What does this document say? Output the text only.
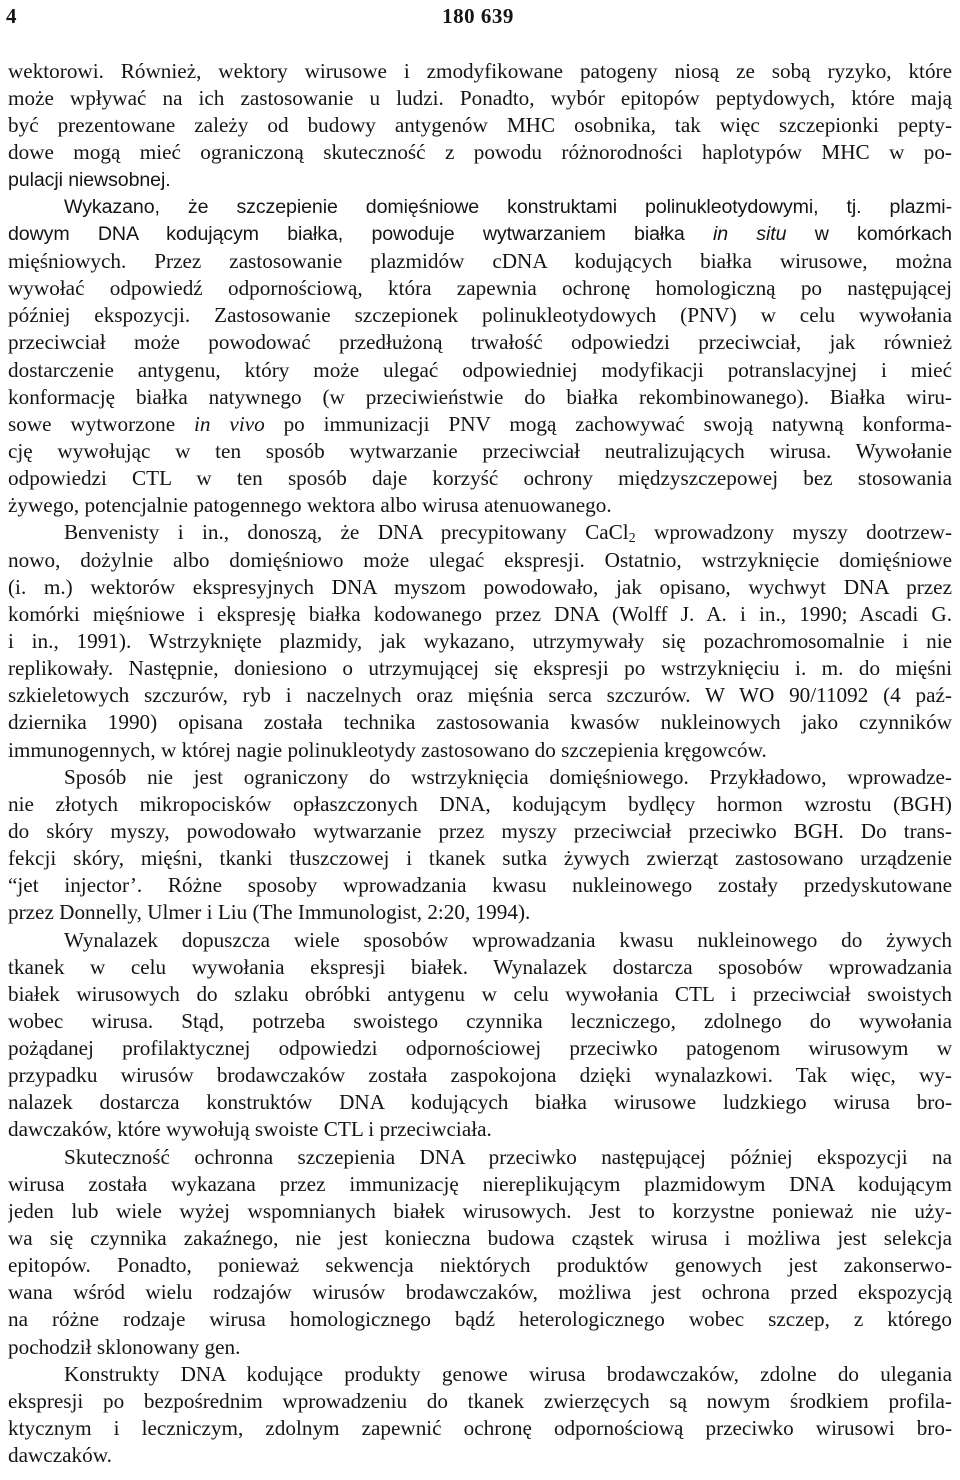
4	180 639
wektorowi. Również, wektory wirusowe i zmodyfikowane patogeny niosą ze sobą ryzyko, które
może wpływać na ich zastosowanie u ludzi. Ponadto, wybór epitopów peptydowych, które mają
być prezentowane zależy od budowy antygenów MHC osobnika, tak więc szczepionki pepty-
dowe mogą mieć ograniczoną skuteczność z powodu różnorodności haplotypów MHC w po-
pulacji niewsobnej.
Wykazano, że szczepienie domięśniowe konstruktami polinukleotydowymi, tj. plazmi-
dowym DNA kodującym białka, powoduje wytwarzaniem białka in situ w komórkach
mięśniowych. Przez zastosowanie plazmidów cDNA kodujących białka wirusowe, można
wywołać odpowiedź odpornościową, która zapewnia ochronę homologiczną po następującej
później ekspozycji. Zastosowanie szczepionek polinukleotydowych (PNV) w celu wywołania
przeciwciał może powodować przedłużoną trwałość odpowiedzi przeciwciał, jak również
dostarczenie antygenu, który może ulegać odpowiedniej modyfikacji potranslacyjnej i mieć
konformację białka natywnego (w przeciwieństwie do białka rekombinowanego). Białka wiru-
sowe wytworzone in vivo po immunizacji PNV mogą zachowywać swoją natywną konforma-
cję wywołując w ten sposób wytwarzanie przeciwciał neutralizujących wirusa. Wywołanie
odpowiedzi CTL w ten sposób daje korzyść ochrony międzyszczepowej bez stosowania
żywego, potencjalnie patogennego wektora albo wirusa atenuowanego.
Benvenisty i in., donoszą, że DNA precypitowany CaCl$_2$ wprowadzony myszy dootrzew-
nowo, dożylnie albo domięśniowo może ulegać ekspresji. Ostatnio, wstrzyknięcie domięśniowe
(i. m.) wektorów ekspresyjnych DNA myszom powodowało, jak opisano, wychwyt DNA przez
komórki mięśniowe i ekspresję białka kodowanego przez DNA (Wolff J. A. i in., 1990; Ascadi G.
i in., 1991). Wstrzyknięte plazmidy, jak wykazano, utrzymywały się pozachromosomalnie i nie
replikowały. Następnie, doniesiono o utrzymującej się ekspresji po wstrzyknięciu i. m. do mięśni
szkieletowych szczurów, ryb i naczelnych oraz mięśnia serca szczurów. W WO 90/11092 (4 paź-
dziernika 1990) opisana została technika zastosowania kwasów nukleinowych jako czynników
immunogennych, w której nagie polinukleotydy zastosowano do szczepienia kręgowców.
Sposób nie jest ograniczony do wstrzyknięcia domięśniowego. Przykładowo, wprowadze-
nie złotych mikropocisków opłaszczonych DNA, kodującym bydlęcy hormon wzrostu (BGH)
do skóry myszy, powodowało wytwarzanie przez myszy przeciwciał przeciwko BGH. Do trans-
fekcji skóry, mięśni, tkanki tłuszczowej i tkanek sutka żywych zwierząt zastosowano urządzenie
“jet injector’. Różne sposoby wprowadzania kwasu nukleinowego zostały przedyskutowane
przez Donnelly, Ulmer i Liu (The Immunologist, 2:20, 1994).
Wynalazek dopuszcza wiele sposobów wprowadzania kwasu nukleinowego do żywych
tkanek w celu wywołania ekspresji białek. Wynalazek dostarcza sposobów wprowadzania
białek wirusowych do szlaku obróbki antygenu w celu wywołania CTL i przeciwciał swoistych
wobec wirusa. Stąd, potrzeba swoistego czynnika leczniczego, zdolnego do wywołania
pożądanej profilaktycznej odpowiedzi odpornościowej przeciwko patogenom wirusowym w
przypadku wirusów brodawczaków została zaspokojona dzięki wynalazkowi. Tak więc, wy-
nalazek dostarcza konstruktów DNA kodujących białka wirusowe ludzkiego wirusa bro-
dawczaków, które wywołują swoiste CTL i przeciwciała.
Skuteczność ochronna szczepienia DNA przeciwko następującej później ekspozycji na
wirusa została wykazana przez immunizację niereplikującym plazmidowym DNA kodującym
jeden lub wiele wyżej wspomnianych białek wirusowych. Jest to korzystne ponieważ nie uży-
wa się czynnika zakaźnego, nie jest konieczna budowa cząstek wirusa i możliwa jest selekcja
epitopów. Ponadto, ponieważ sekwencja niektórych produktów genowych jest zakonserwo-
wana wśród wielu rodzajów wirusów brodawczaków, możliwa jest ochrona przed ekspozycją
na różne rodzaje wirusa homologicznego bądź heterologicznego wobec szczep, z którego
pochodził sklonowany gen.
Konstrukty DNA kodujące produkty genowe wirusa brodawczaków, zdolne do ulegania
ekspresji po bezpośrednim wprowadzeniu do tkanek zwierzęcych są nowym środkiem profila-
ktycznym i leczniczym, zdolnym zapewnić ochronę odpornościową przeciwko wirusowi bro-
dawczaków.
